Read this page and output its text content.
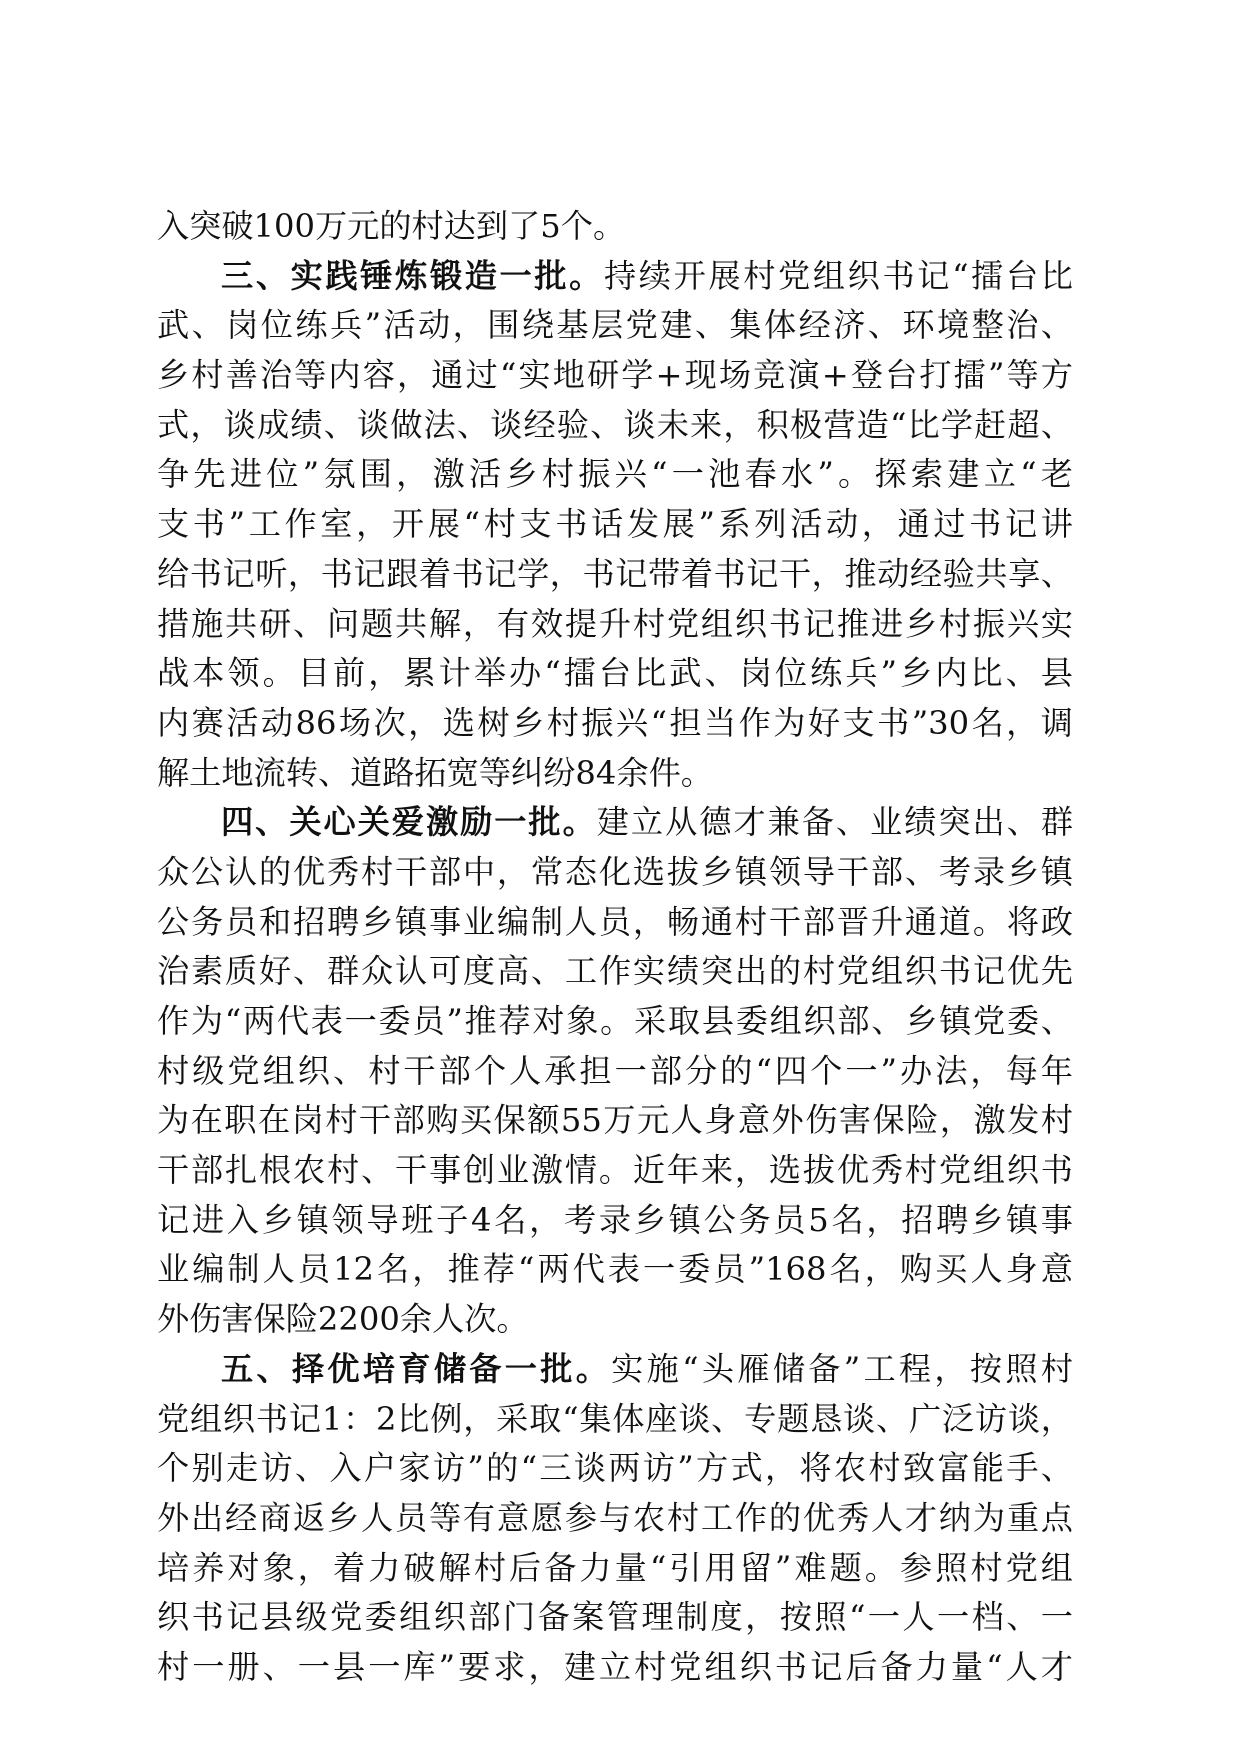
入突破100万元的村达到了5个。
三、实践锤炼锻造一批。持续开展村党组织书记“擂台比
武、岗位练兵”活动，围绕基层党建、集体经济、环境整治、
乡村善治等内容，通过“实地研学+现场竞演+登台打擂”等方
式，谈成绩、谈做法、谈经验、谈未来，积极营造“比学赶超、
争先进位”氛围，激活乡村振兴“一池春水”。探索建立“老
支书”工作室，开展“村支书话发展”系列活动，通过书记讲
给书记听，书记跟着书记学，书记带着书记干，推动经验共享、
措施共研、问题共解，有效提升村党组织书记推进乡村振兴实
战本领。目前，累计举办“擂台比武、岗位练兵”乡内比、县
内赛活动86场次，选树乡村振兴“担当作为好支书”30名，调
解土地流转、道路拓宽等纠纷84余件。
四、关心关爱激励一批。建立从德才兼备、业绩突出、群
众公认的优秀村干部中，常态化选拔乡镇领导干部、考录乡镇
公务员和招聘乡镇事业编制人员，畅通村干部晋升通道。将政
治素质好、群众认可度高、工作实绩突出的村党组织书记优先
作为“两代表一委员”推荐对象。采取县委组织部、乡镇党委、
村级党组织、村干部个人承担一部分的“四个一”办法，每年
为在职在岗村干部购买保额55万元人身意外伤害保险，激发村
干部扎根农村、干事创业激情。近年来，选拔优秀村党组织书
记进入乡镇领导班子4名，考录乡镇公务员5名，招聘乡镇事
业编制人员12名，推荐“两代表一委员”168名，购买人身意
外伤害保险2200余人次。
五、择优培育储备一批。实施“头雁储备”工程，按照村
党组织书记1：2比例，采取“集体座谈、专题恳谈、广泛访谈，
个别走访、入户家访”的“三谈两访”方式，将农村致富能手、
外出经商返乡人员等有意愿参与农村工作的优秀人才纳为重点
培养对象，着力破解村后备力量“引用留”难题。参照村党组
织书记县级党委组织部门备案管理制度，按照“一人一档、一
村一册、一县一库”要求，建立村党组织书记后备力量“人才
